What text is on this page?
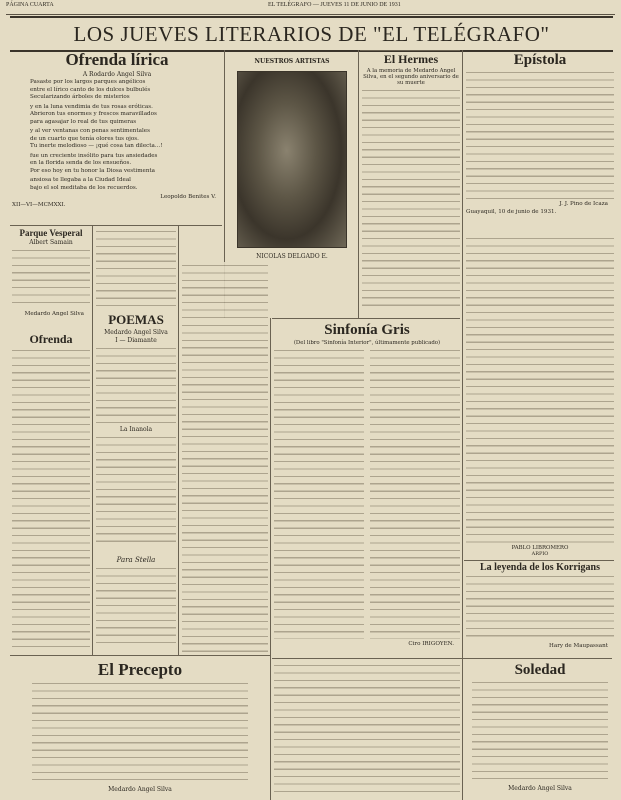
PÁGINA CUARTA	EL TELÉGRAFO — JUEVES 11 DE JUNIO DE 1931
LOS JUEVES LITERARIOS DE "EL TELÉGRAFO"
Ofrenda lírica

A Rodardo Angel Silva

Pasaste por los largos parques angélicos

entre el lírico canto de los dulces bulbulés

Secularizando árboles de misterios

y en la luna vendimia de tus rosas eróticas.

Abrieron tus enormes y frescos maravillados

para agasajar lo real de tus quimeras

y al ver ventanas con penas sentimentales

de un cuarto que tenía olores tus ojos.

Tu inerte melodioso — ¡qué cosa tan dilecta...!

fue un creciente insólito para tus ansiedades

en la florida senda de los ensueños.

Por eso hoy en tu honor la Diosa vestimenta

ansiosa te llegaba a la Ciudad Ideal

bajo el sol meditaba de los recuerdos.

Leopoldo Benites V.

XII—VI—MCMXXI.

NUESTROS ARTISTAS

NICOLAS DELGADO E.

El Hermes

A la memoria de Medardo Angel Silva, en el segundo aniversario de su muerte

Epístola

J. J. Pino de Icaza

Guayaquil, 10 de junio de 1931.

PABLO LIBROMERO

ARPIO

La leyenda de los Korrigans

Hary de Maupassant

Parque Vesperal

Albert Samain

Medardo Angel Silva

Ofrenda
POEMAS

Medardo Angel Silva

I — Diamante

La Inanola

Para Stella

Sinfonía Gris

(Del libro "Sinfonía Interior", últimamente publicado)

Ciro IRIGOYEN.

El Precepto

Medardo Angel Silva

Soledad

Medardo Angel Silva
